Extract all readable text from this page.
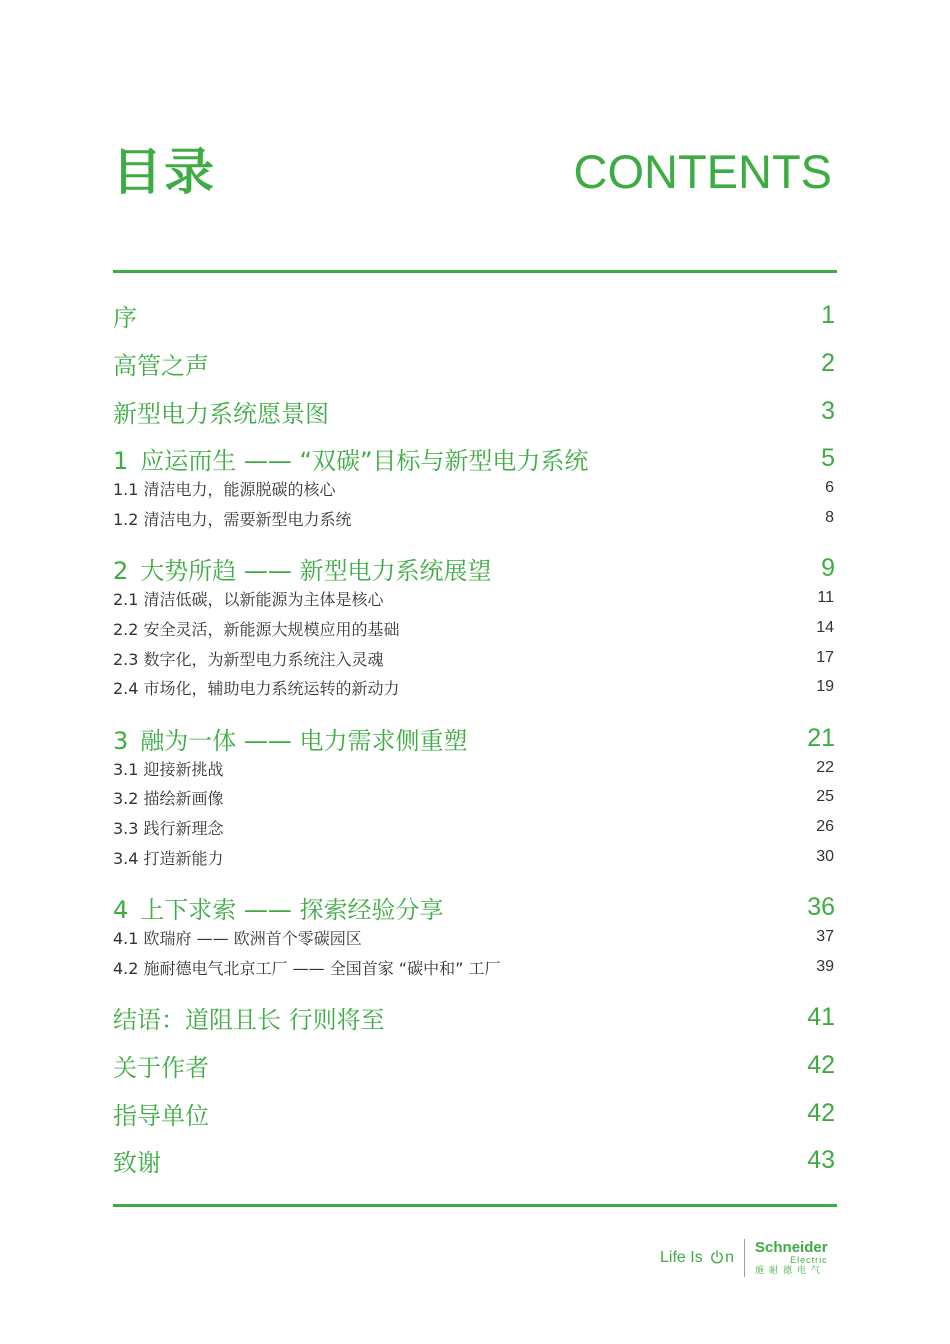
目录	CONTENTS
序	1
高管之声	2
新型电力系统愿景图	3
1 应运而生 —— “双碳”目标与新型电力系统	5
1.1 清洁电力，能源脱碳的核心	6
1.2 清洁电力，需要新型电力系统	8
2 大势所趋 —— 新型电力系统展望	9
2.1 清洁低碳，以新能源为主体是核心	11
2.2 安全灵活，新能源大规模应用的基础	14
2.3 数字化，为新型电力系统注入灵魂	17
2.4 市场化，辅助电力系统运转的新动力	19
3 融为一体 —— 电力需求侧重塑	21
3.1 迎接新挑战	22
3.2 描绘新画像	25
3.3 践行新理念	26
3.4 打造新能力	30
4 上下求索 —— 探索经验分享	36
4.1 欧瑞府 —— 欧洲首个零碳园区	37
4.2 施耐德电气北京工厂 —— 全国首家 “碳中和” 工厂	39
结语：道阻且长 行则将至	41
关于作者	42
指导单位	42
致谢	43
Life Is n
Schneider
Electric
施耐德电气
